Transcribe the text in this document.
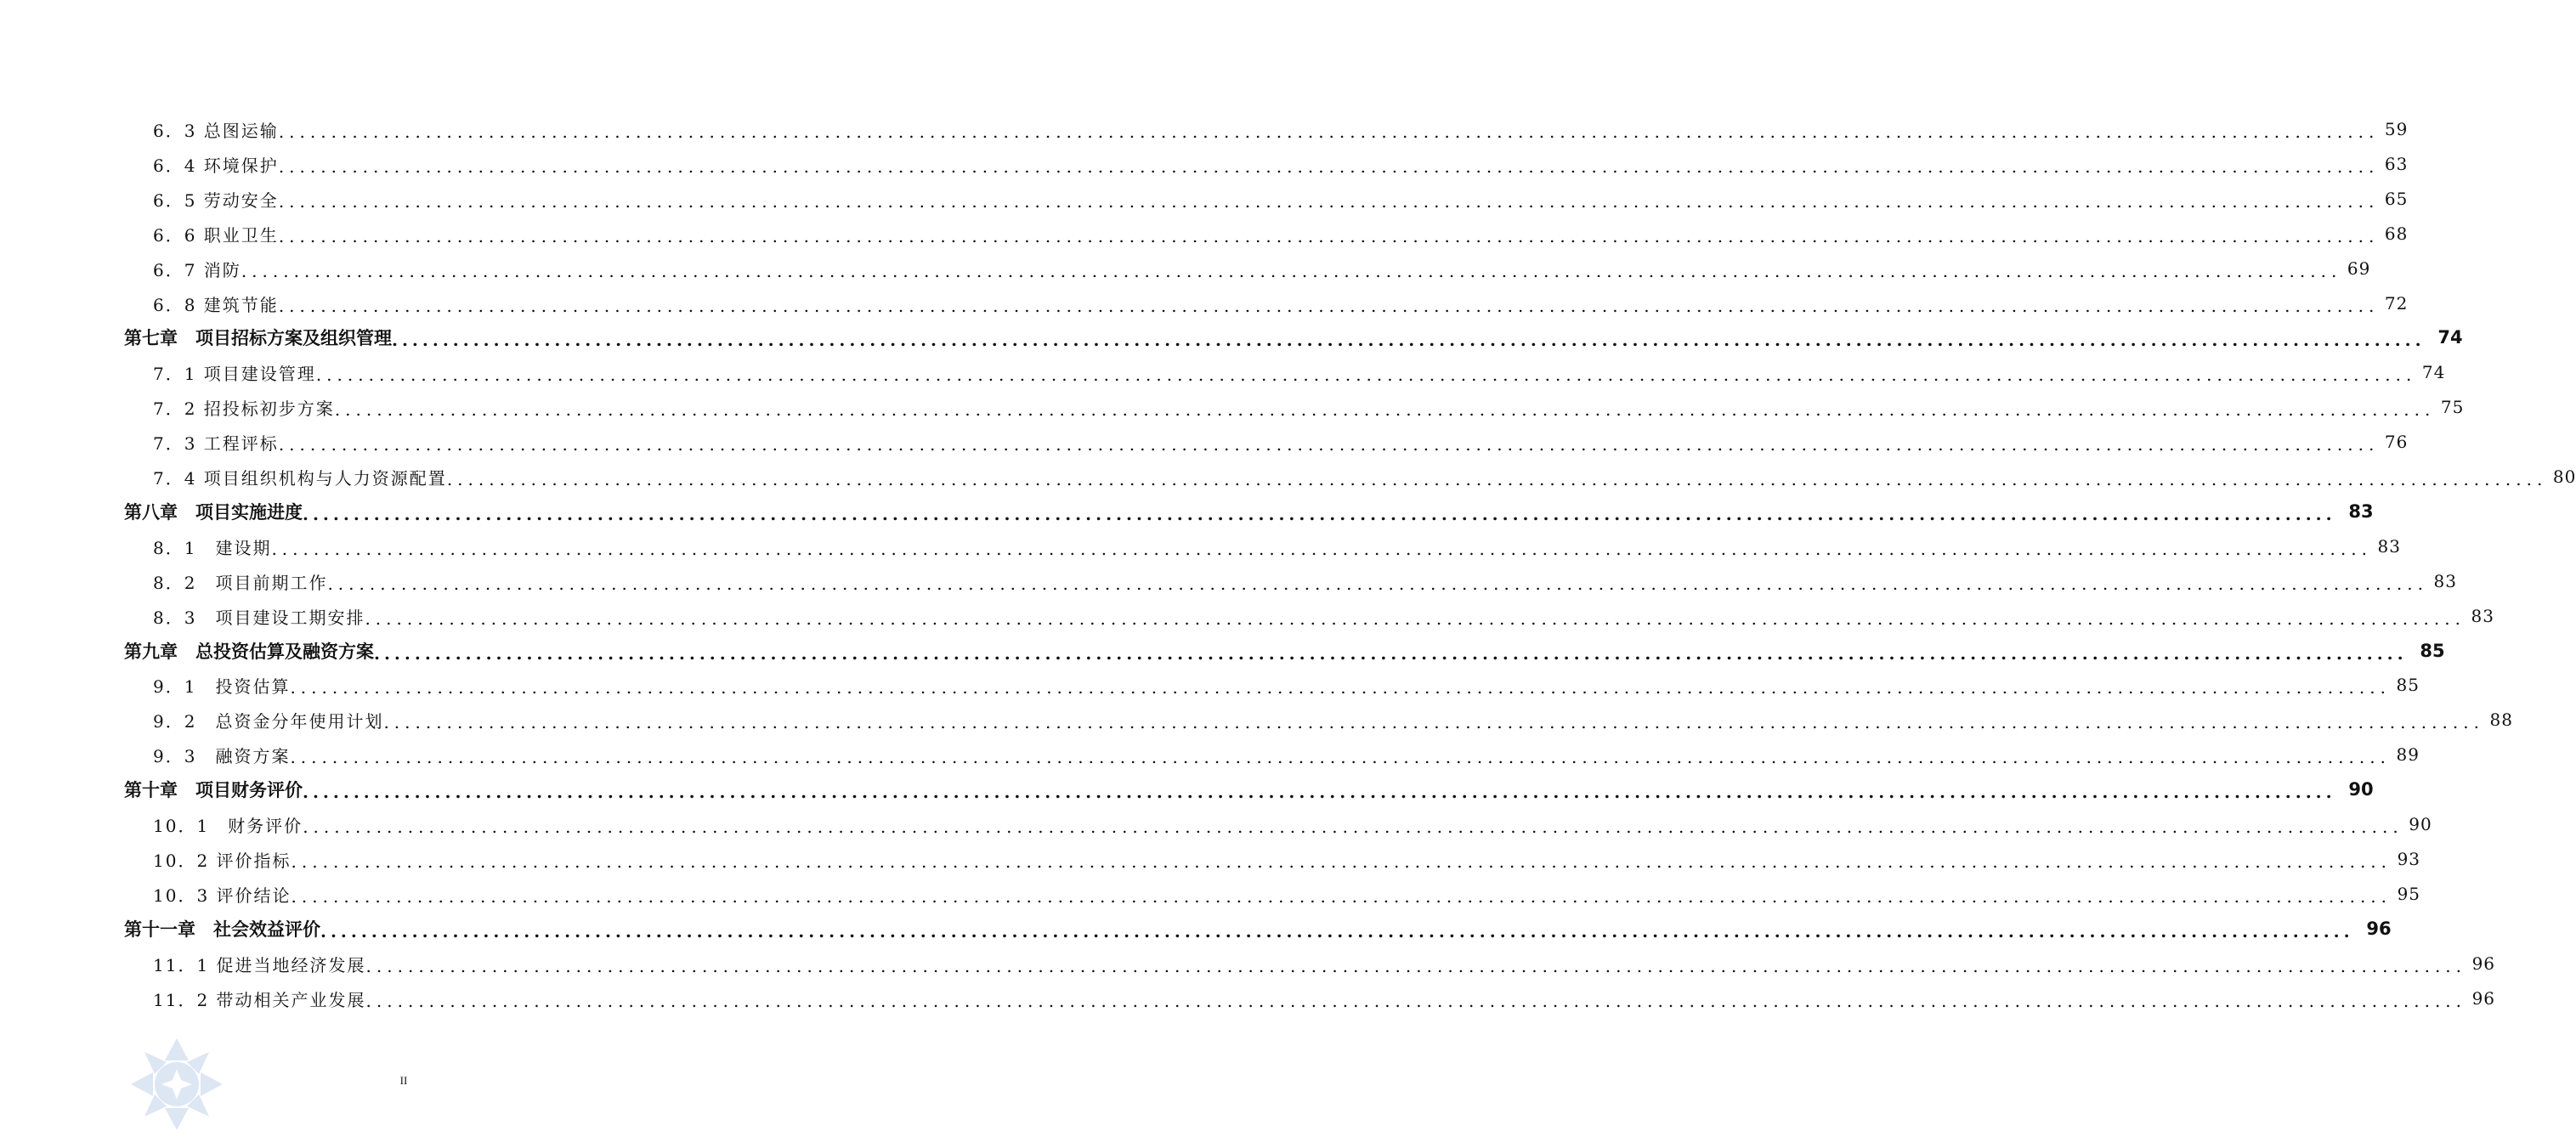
6．3 总图运输 ........................................................................................................................................................................................................ 59
6．4 环境保护 ........................................................................................................................................................................................................ 63
6．5 劳动安全 ........................................................................................................................................................................................................ 65
6．6 职业卫生 ........................................................................................................................................................................................................ 68
6．7 消防 ........................................................................................................................................................................................................ 69
6．8 建筑节能 ........................................................................................................................................................................................................ 72
第七章　项目招标方案及组织管理 ........................................................................................................................................................................................................ 74
7．1 项目建设管理 ........................................................................................................................................................................................................ 74
7．2 招投标初步方案 ........................................................................................................................................................................................................ 75
7．3 工程评标 ........................................................................................................................................................................................................ 76
7．4 项目组织机构与人力资源配置 ........................................................................................................................................................................................................ 80
第八章　项目实施进度 ........................................................................................................................................................................................................ 83
8．1　建设期 ........................................................................................................................................................................................................ 83
8．2　项目前期工作 ........................................................................................................................................................................................................ 83
8．3　项目建设工期安排 ........................................................................................................................................................................................................ 83
第九章　总投资估算及融资方案 ........................................................................................................................................................................................................ 85
9．1　投资估算 ........................................................................................................................................................................................................ 85
9．2　总资金分年使用计划 ........................................................................................................................................................................................................ 88
9．3　融资方案 ........................................................................................................................................................................................................ 89
第十章　项目财务评价 ........................................................................................................................................................................................................ 90
10．1　财务评价 ........................................................................................................................................................................................................ 90
10．2 评价指标 ........................................................................................................................................................................................................ 93
10．3 评价结论 ........................................................................................................................................................................................................ 95
第十一章　社会效益评价 ........................................................................................................................................................................................................ 96
11．1 促进当地经济发展 ........................................................................................................................................................................................................ 96
11．2 带动相关产业发展 ........................................................................................................................................................................................................ 96
II
